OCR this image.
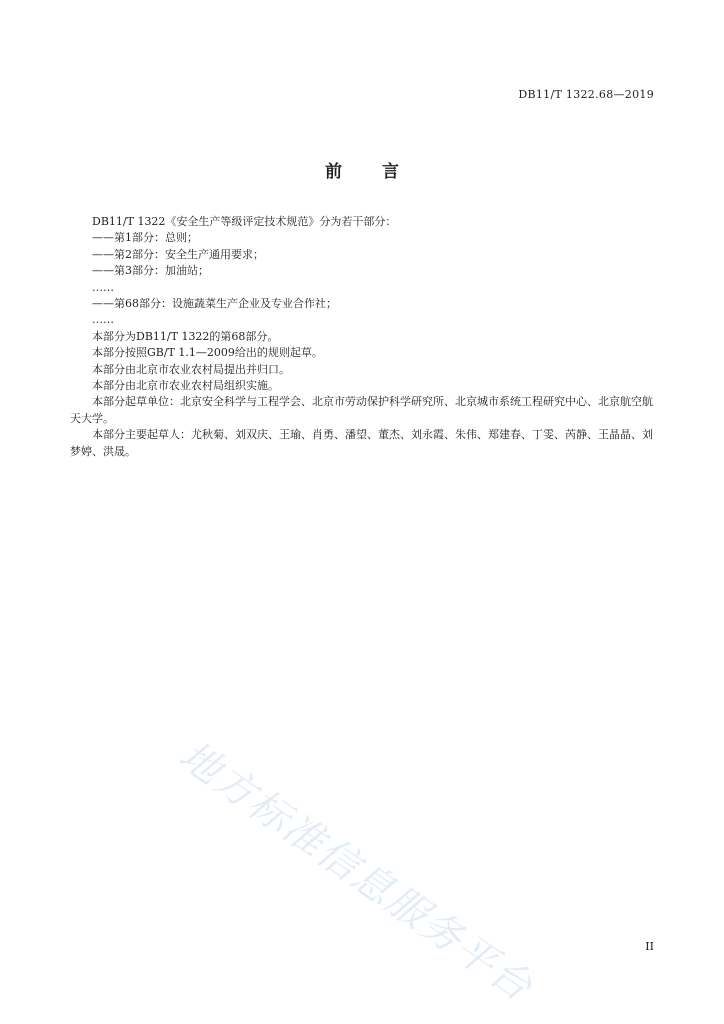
DB11/T 1322.68—2019
前 言

DB11/T 1322《安全生产等级评定技术规范》分为若干部分：

——第1部分：总则；

——第2部分：安全生产通用要求；

——第3部分：加油站；

……

——第68部分：设施蔬菜生产企业及专业合作社；

……

本部分为DB11/T 1322的第68部分。

本部分按照GB/T 1.1—2009给出的规则起草。

本部分由北京市农业农村局提出并归口。

本部分由北京市农业农村局组织实施。

本部分起草单位：北京安全科学与工程学会、北京市劳动保护科学研究所、北京城市系统工程研究中心、北京航空航天大学。

本部分主要起草人：尤秋菊、刘双庆、王瑜、肖勇、潘望、董杰、刘永霞、朱伟、郑建春、丁雯、芮静、王晶晶、刘梦婷、洪晟。

地方标准信息服务平台	II
